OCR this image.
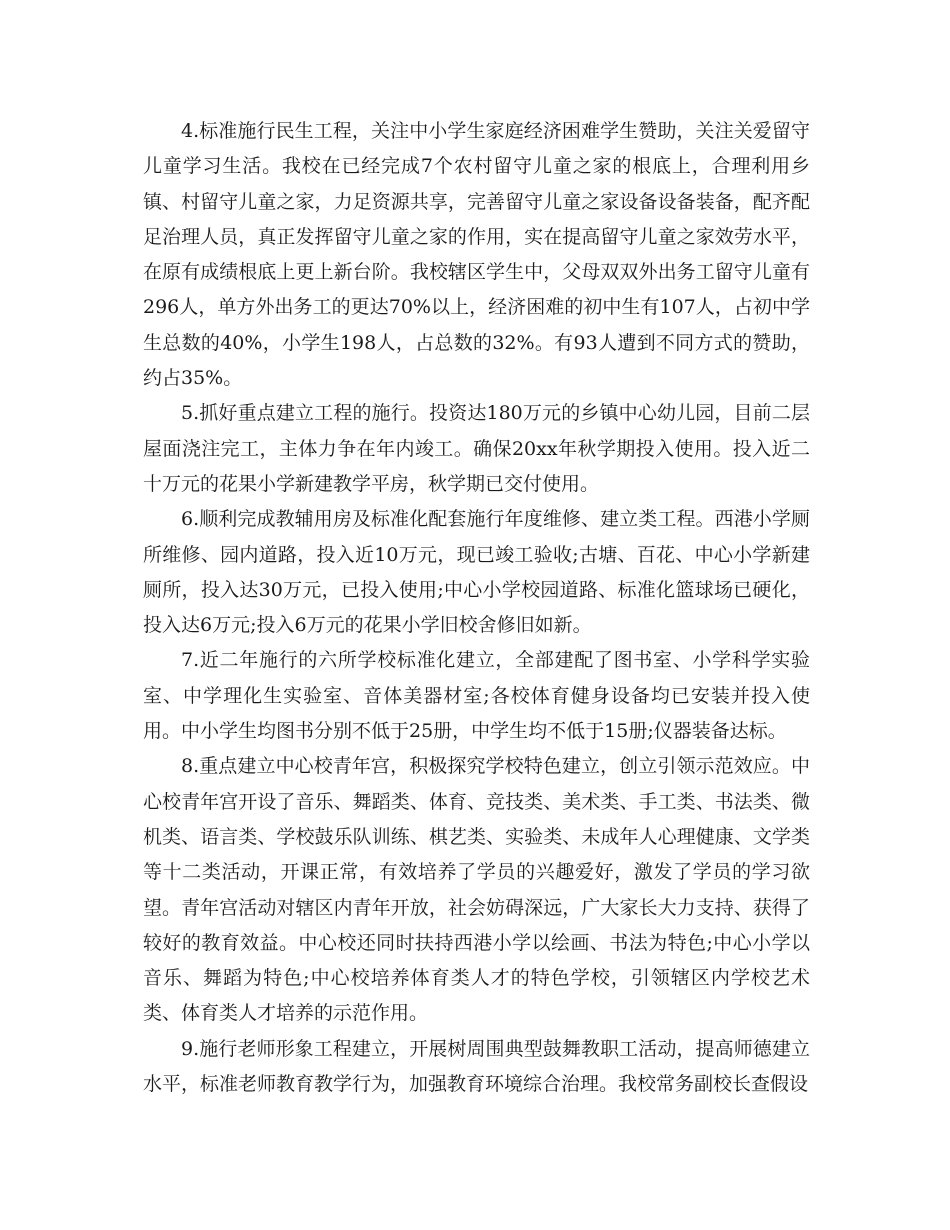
4.标准施行民生工程，关注中小学生家庭经济困难学生赞助，关注关爱留守儿童学习生活。我校在已经完成7个农村留守儿童之家的根底上，合理利用乡镇、村留守儿童之家，力足资源共享，完善留守儿童之家设备设备装备，配齐配足治理人员，真正发挥留守儿童之家的作用，实在提高留守儿童之家效劳水平，在原有成绩根底上更上新台阶。我校辖区学生中，父母双双外出务工留守儿童有296人，单方外出务工的更达70%以上，经济困难的初中生有107人，占初中学生总数的40%，小学生198人，占总数的32%。有93人遭到不同方式的赞助，约占35%。

5.抓好重点建立工程的施行。投资达180万元的乡镇中心幼儿园，目前二层屋面浇注完工，主体力争在年内竣工。确保20xx年秋学期投入使用。投入近二十万元的花果小学新建教学平房，秋学期已交付使用。

6.顺利完成教辅用房及标准化配套施行年度维修、建立类工程。西港小学厕所维修、园内道路，投入近10万元，现已竣工验收;古塘、百花、中心小学新建厕所，投入达30万元，已投入使用;中心小学校园道路、标准化篮球场已硬化，投入达6万元;投入6万元的花果小学旧校舍修旧如新。

7.近二年施行的六所学校标准化建立，全部建配了图书室、小学科学实验室、中学理化生实验室、音体美器材室;各校体育健身设备均已安装并投入使用。中小学生均图书分别不低于25册，中学生均不低于15册;仪器装备达标。

8.重点建立中心校青年宫，积极探究学校特色建立，创立引领示范效应。中心校青年宫开设了音乐、舞蹈类、体育、竞技类、美术类、手工类、书法类、微机类、语言类、学校鼓乐队训练、棋艺类、实验类、未成年人心理健康、文学类等十二类活动，开课正常，有效培养了学员的兴趣爱好，激发了学员的学习欲望。青年宫活动对辖区内青年开放，社会妨碍深远，广大家长大力支持、获得了较好的教育效益。中心校还同时扶持西港小学以绘画、书法为特色;中心小学以音乐、舞蹈为特色;中心校培养体育类人才的特色学校，引领辖区内学校艺术类、体育类人才培养的示范作用。

9.施行老师形象工程建立，开展树周围典型鼓舞教职工活动，提高师德建立水平，标准老师教育教学行为，加强教育环境综合治理。我校常务副校长查假设
